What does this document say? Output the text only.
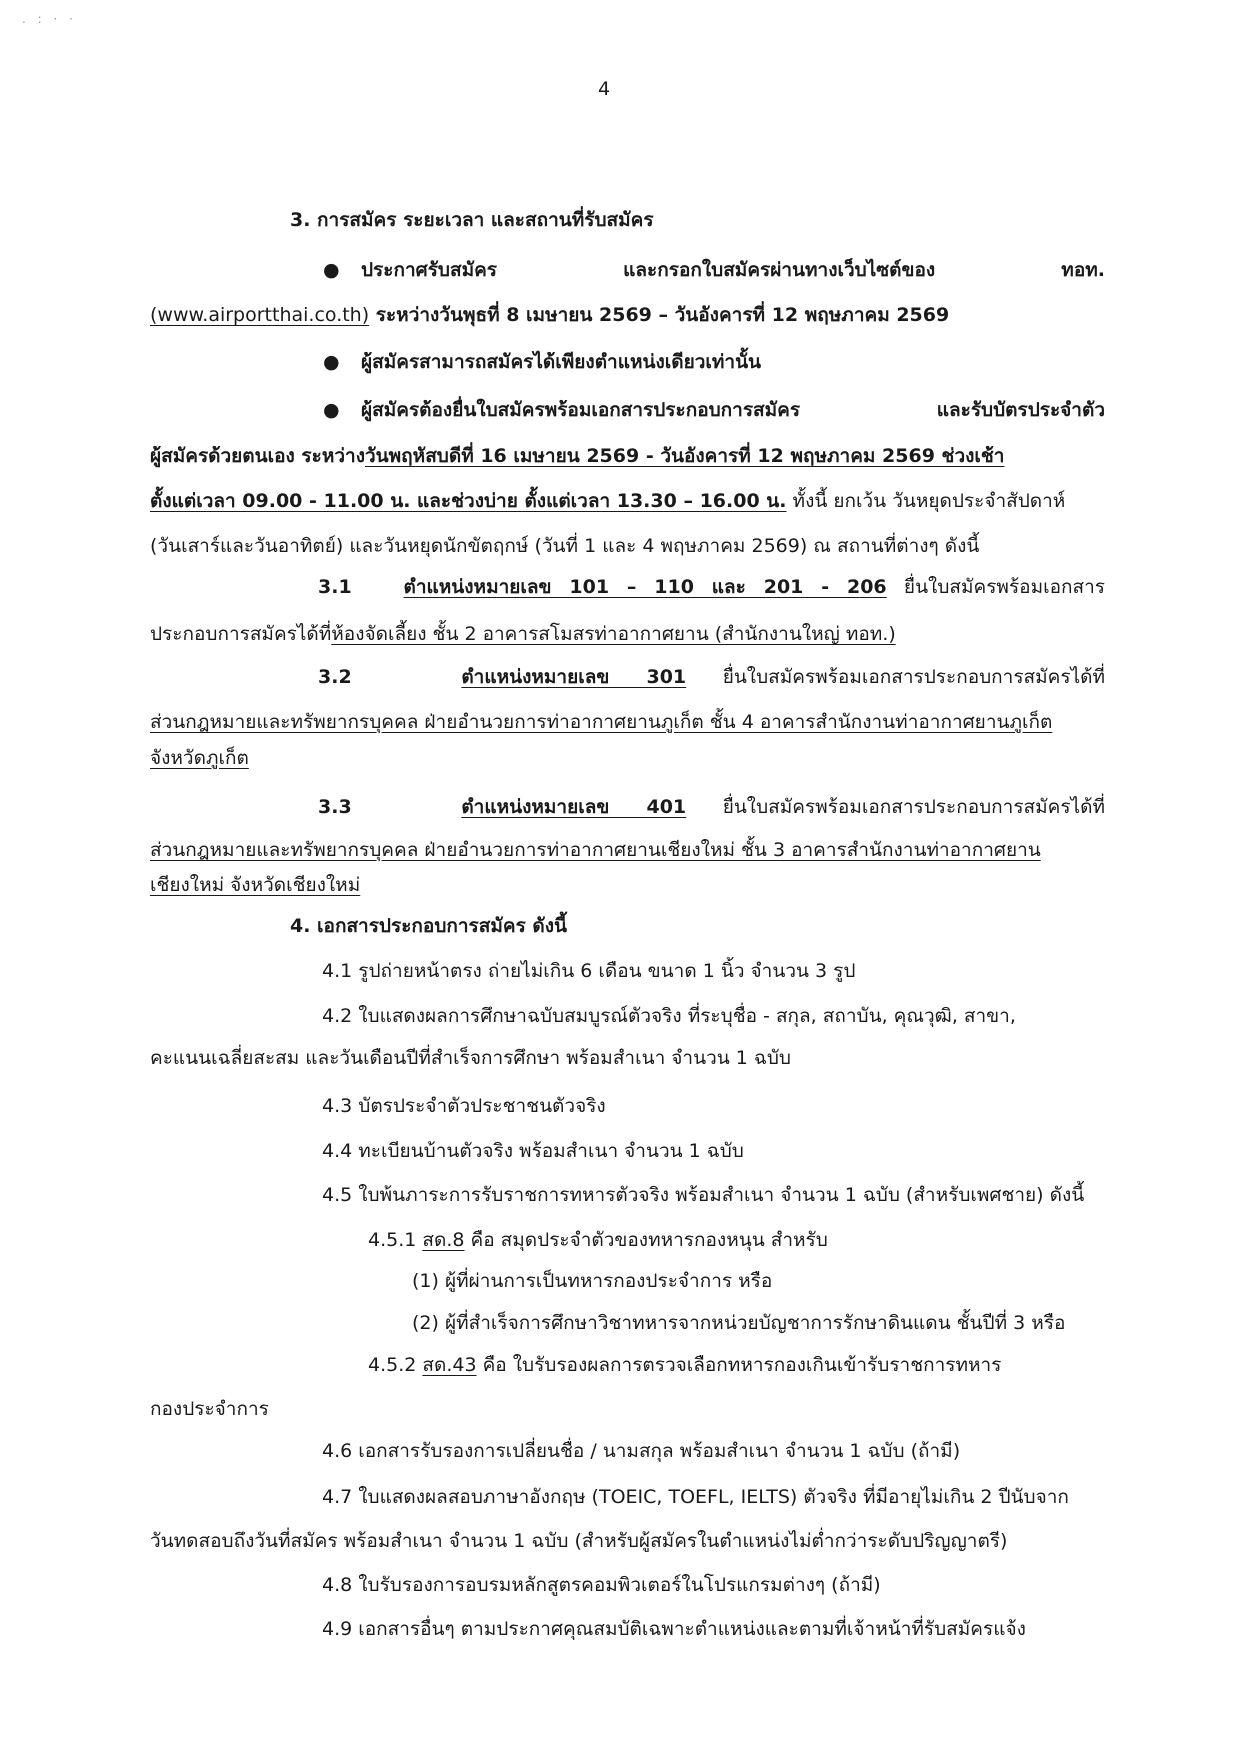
. : · ·
4
3. การสมัคร ระยะเวลา และสถานที่รับสมัคร
● ประกาศรับสมัคร และกรอกใบสมัครผ่านทางเว็บไซต์ของ ทอท.
(www.airportthai.co.th) ระหว่างวันพุธที่ 8 เมษายน 2569 – วันอังคารที่ 12 พฤษภาคม 2569
● ผู้สมัครสามารถสมัครได้เพียงตำแหน่งเดียวเท่านั้น
● ผู้สมัครต้องยื่นใบสมัครพร้อมเอกสารประกอบการสมัคร และรับบัตรประจำตัว
ผู้สมัครด้วยตนเอง ระหว่างวันพฤหัสบดีที่ 16 เมษายน 2569 - วันอังคารที่ 12 พฤษภาคม 2569 ช่วงเช้า
ตั้งแต่เวลา 09.00 - 11.00 น. และช่วงบ่าย ตั้งแต่เวลา 13.30 – 16.00 น. ทั้งนี้ ยกเว้น วันหยุดประจำสัปดาห์
(วันเสาร์และวันอาทิตย์) และวันหยุดนักขัตฤกษ์ (วันที่ 1 และ 4 พฤษภาคม 2569) ณ สถานที่ต่างๆ ดังนี้
3.1	ตำแหน่งหมายเลข 101 – 110 และ 201 - 206 ยื่นใบสมัครพร้อมเอกสาร
ประกอบการสมัครได้ที่ห้องจัดเลี้ยง ชั้น 2 อาคารสโมสรท่าอากาศยาน (สำนักงานใหญ่ ทอท.)
3.2	ตำแหน่งหมายเลข 301 ยื่นใบสมัครพร้อมเอกสารประกอบการสมัครได้ที่
ส่วนกฎหมายและทรัพยากรบุคคล ฝ่ายอำนวยการท่าอากาศยานภูเก็ต ชั้น 4 อาคารสำนักงานท่าอากาศยานภูเก็ต
จังหวัดภูเก็ต
3.3	ตำแหน่งหมายเลข 401 ยื่นใบสมัครพร้อมเอกสารประกอบการสมัครได้ที่
ส่วนกฎหมายและทรัพยากรบุคคล ฝ่ายอำนวยการท่าอากาศยานเชียงใหม่ ชั้น 3 อาคารสำนักงานท่าอากาศยาน
เชียงใหม่ จังหวัดเชียงใหม่
4. เอกสารประกอบการสมัคร ดังนี้
4.1 รูปถ่ายหน้าตรง ถ่ายไม่เกิน 6 เดือน ขนาด 1 นิ้ว จำนวน 3 รูป
4.2 ใบแสดงผลการศึกษาฉบับสมบูรณ์ตัวจริง ที่ระบุชื่อ - สกุล, สถาบัน, คุณวุฒิ, สาขา,
คะแนนเฉลี่ยสะสม และวันเดือนปีที่สำเร็จการศึกษา พร้อมสำเนา จำนวน 1 ฉบับ
4.3 บัตรประจำตัวประชาชนตัวจริง
4.4 ทะเบียนบ้านตัวจริง พร้อมสำเนา จำนวน 1 ฉบับ
4.5 ใบพ้นภาระการรับราชการทหารตัวจริง พร้อมสำเนา จำนวน 1 ฉบับ (สำหรับเพศชาย) ดังนี้
4.5.1 สด.8 คือ สมุดประจำตัวของทหารกองหนุน สำหรับ
(1) ผู้ที่ผ่านการเป็นทหารกองประจำการ หรือ
(2) ผู้ที่สำเร็จการศึกษาวิชาทหารจากหน่วยบัญชาการรักษาดินแดน ชั้นปีที่ 3 หรือ
4.5.2 สด.43 คือ ใบรับรองผลการตรวจเลือกทหารกองเกินเข้ารับราชการทหาร
กองประจำการ
4.6 เอกสารรับรองการเปลี่ยนชื่อ / นามสกุล พร้อมสำเนา จำนวน 1 ฉบับ (ถ้ามี)
4.7 ใบแสดงผลสอบภาษาอังกฤษ (TOEIC, TOEFL, IELTS) ตัวจริง ที่มีอายุไม่เกิน 2 ปีนับจาก
วันทดสอบถึงวันที่สมัคร พร้อมสำเนา จำนวน 1 ฉบับ (สำหรับผู้สมัครในตำแหน่งไม่ต่ำกว่าระดับปริญญาตรี)
4.8 ใบรับรองการอบรมหลักสูตรคอมพิวเตอร์ในโปรแกรมต่างๆ (ถ้ามี)
4.9 เอกสารอื่นๆ ตามประกาศคุณสมบัติเฉพาะตำแหน่งและตามที่เจ้าหน้าที่รับสมัครแจ้ง
